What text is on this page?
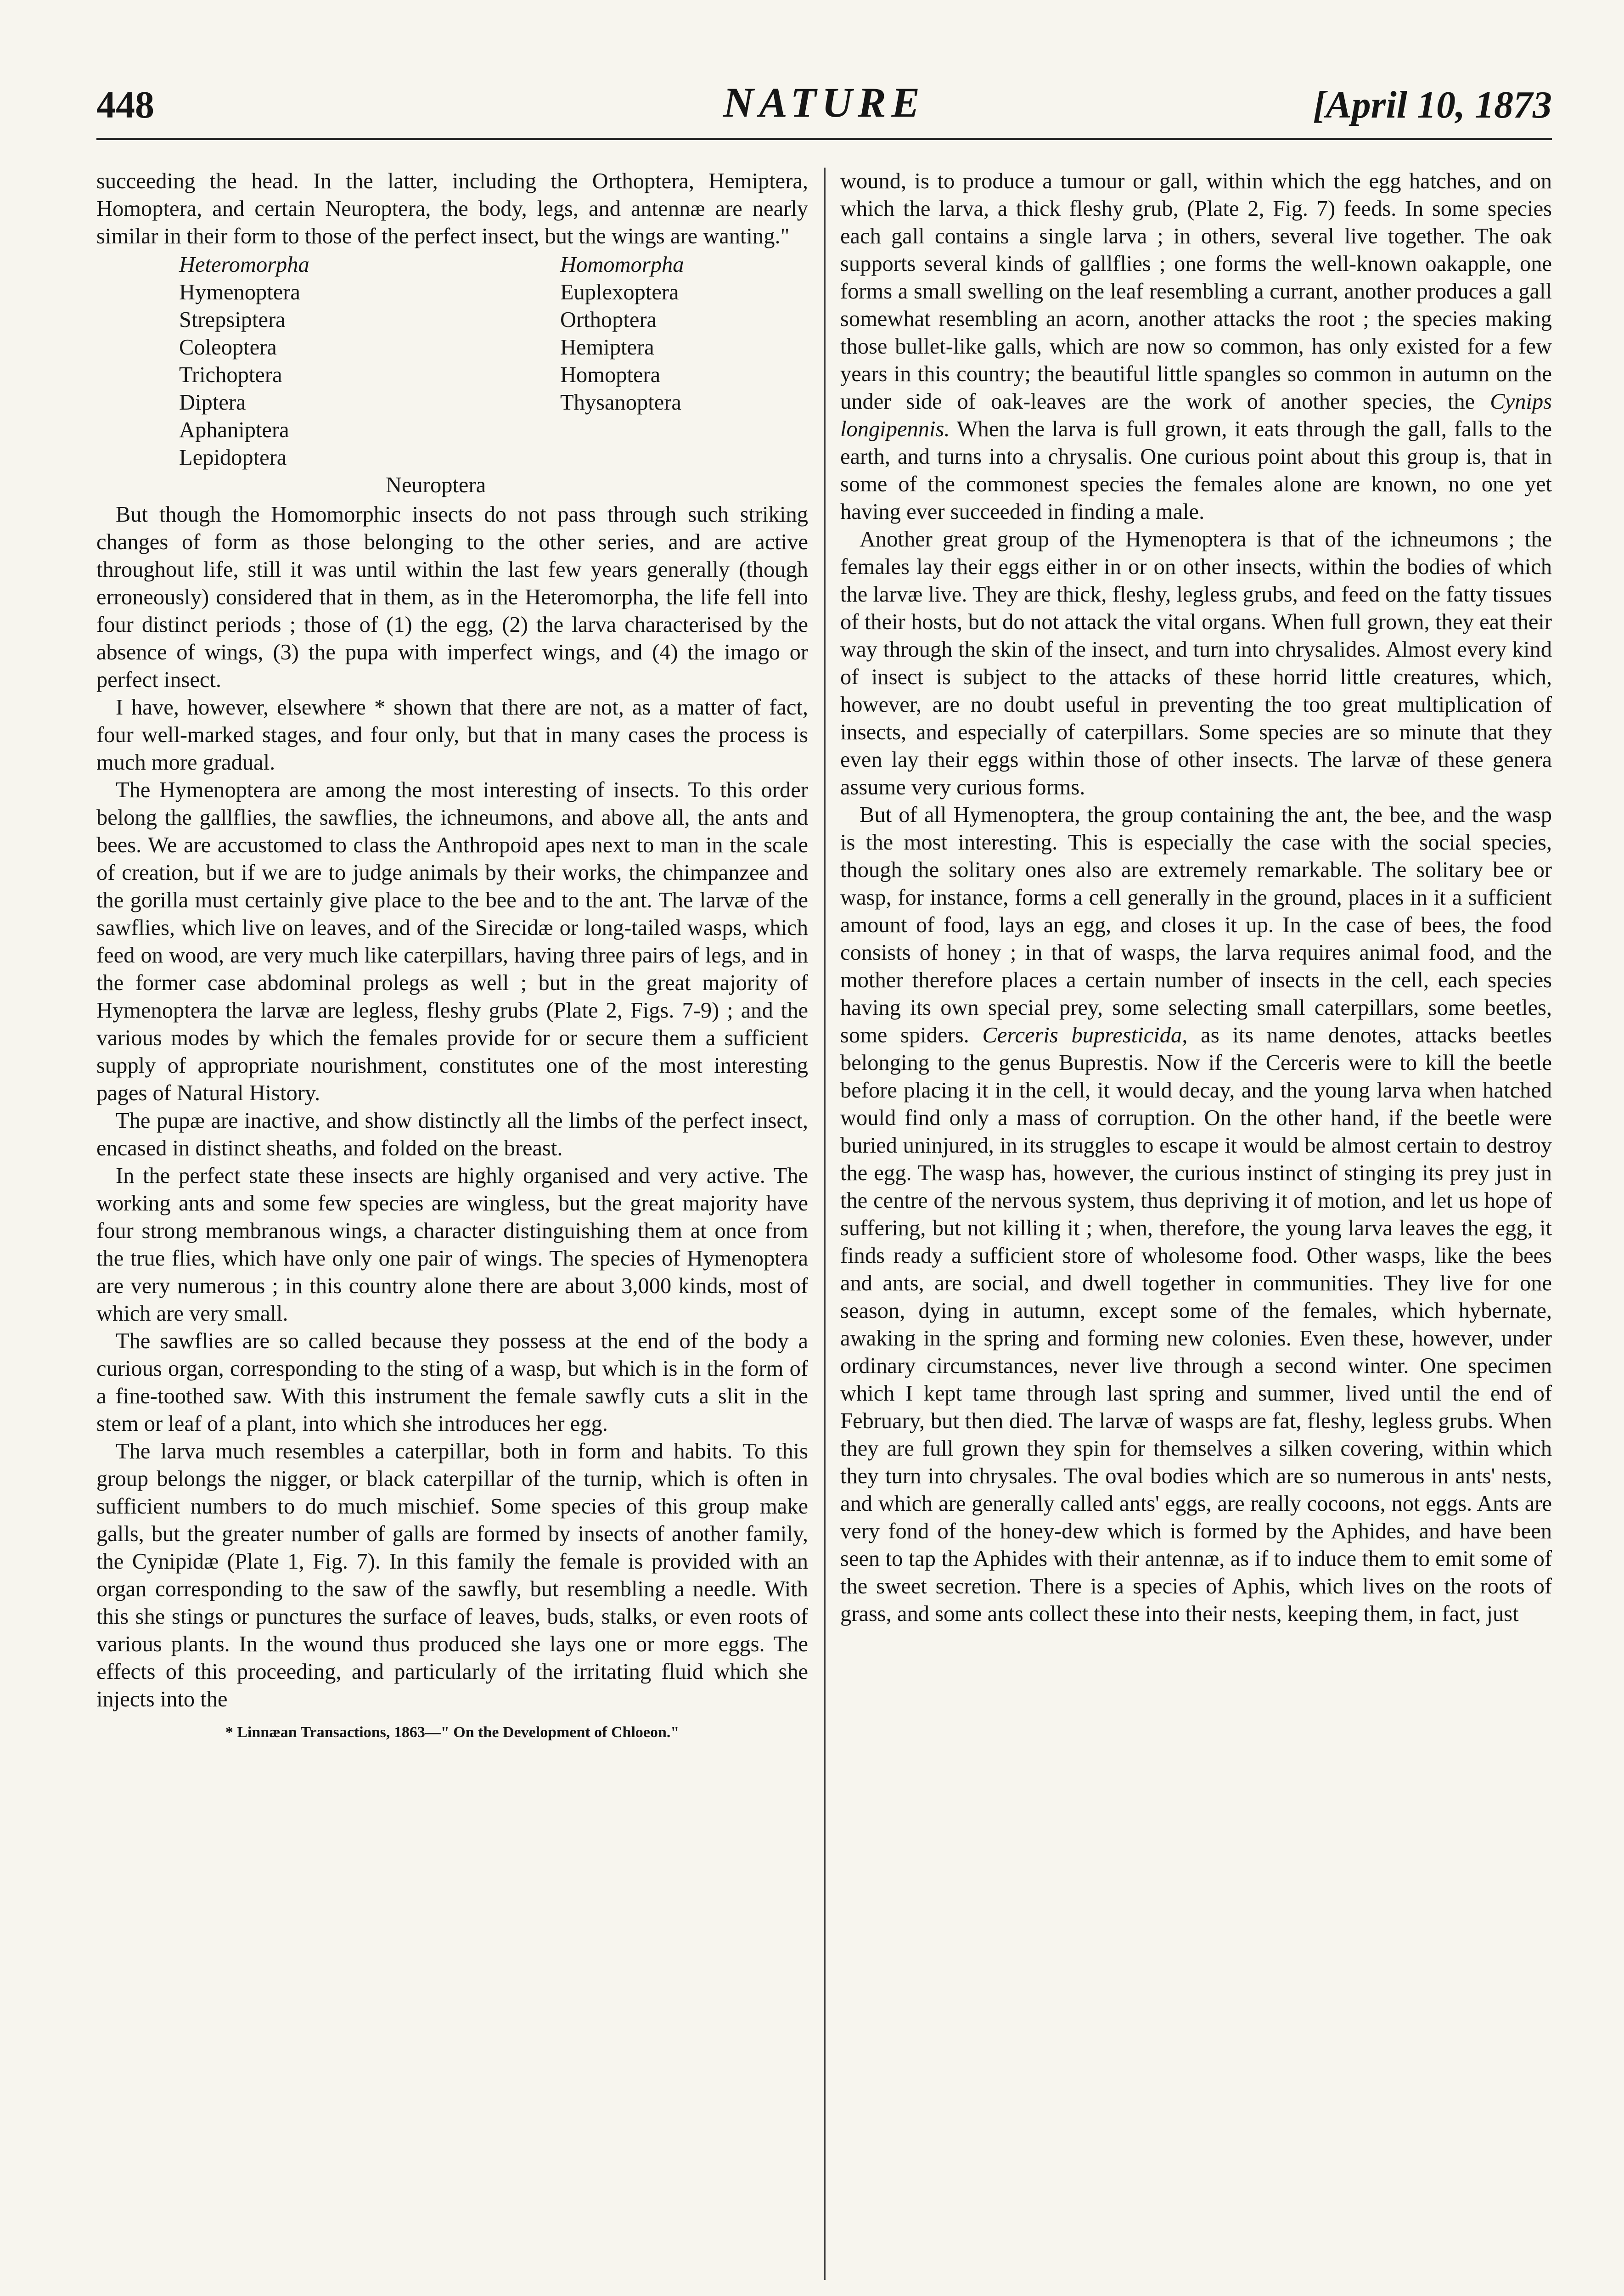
448	NATURE	[April 10, 1873

succeeding the head. In the latter, including the Orthoptera, Hemiptera, Homoptera, and certain Neuroptera, the body, legs, and antennæ are nearly similar in their form to those of the perfect insect, but the wings are wanting."

Heteromorpha
Hymenoptera
Strepsiptera
Coleoptera
Trichoptera
Diptera
Aphaniptera
Lepidoptera
Homomorpha
Euplexoptera
Orthoptera
Hemiptera
Homoptera
Thysanoptera
Neuroptera

But though the Homomorphic insects do not pass through such striking changes of form as those belonging to the other series, and are active throughout life, still it was until within the last few years generally (though erroneously) considered that in them, as in the Heteromorpha, the life fell into four distinct periods ; those of (1) the egg, (2) the larva characterised by the absence of wings, (3) the pupa with imperfect wings, and (4) the imago or perfect insect.

I have, however, elsewhere * shown that there are not, as a matter of fact, four well-marked stages, and four only, but that in many cases the process is much more gradual.

The Hymenoptera are among the most interesting of insects. To this order belong the gallflies, the sawflies, the ichneumons, and above all, the ants and bees. We are accustomed to class the Anthropoid apes next to man in the scale of creation, but if we are to judge animals by their works, the chimpanzee and the gorilla must certainly give place to the bee and to the ant. The larvæ of the sawflies, which live on leaves, and of the Sirecidæ or long-tailed wasps, which feed on wood, are very much like caterpillars, having three pairs of legs, and in the former case abdominal prolegs as well ; but in the great majority of Hymenoptera the larvæ are legless, fleshy grubs (Plate 2, Figs. 7-9) ; and the various modes by which the females provide for or secure them a sufficient supply of appropriate nourishment, constitutes one of the most interesting pages of Natural History.

The pupæ are inactive, and show distinctly all the limbs of the perfect insect, encased in distinct sheaths, and folded on the breast.

In the perfect state these insects are highly organised and very active. The working ants and some few species are wingless, but the great majority have four strong membranous wings, a character distinguishing them at once from the true flies, which have only one pair of wings. The species of Hymenoptera are very numerous ; in this country alone there are about 3,000 kinds, most of which are very small.

The sawflies are so called because they possess at the end of the body a curious organ, corresponding to the sting of a wasp, but which is in the form of a fine-toothed saw. With this instrument the female sawfly cuts a slit in the stem or leaf of a plant, into which she introduces her egg.

The larva much resembles a caterpillar, both in form and habits. To this group belongs the nigger, or black caterpillar of the turnip, which is often in sufficient numbers to do much mischief. Some species of this group make galls, but the greater number of galls are formed by insects of another family, the Cynipidæ (Plate 1, Fig. 7). In this family the female is provided with an organ corresponding to the saw of the sawfly, but resembling a needle. With this she stings or punctures the surface of leaves, buds, stalks, or even roots of various plants. In the wound thus produced she lays one or more eggs. The effects of this proceeding, and particularly of the irritating fluid which she injects into the

* Linnæan Transactions, 1863—" On the Development of Chloeon."

wound, is to produce a tumour or gall, within which the egg hatches, and on which the larva, a thick fleshy grub, (Plate 2, Fig. 7) feeds. In some species each gall contains a single larva ; in others, several live together. The oak supports several kinds of gallflies ; one forms the well-known oakapple, one forms a small swelling on the leaf resembling a currant, another produces a gall somewhat resembling an acorn, another attacks the root ; the species making those bullet-like galls, which are now so common, has only existed for a few years in this country; the beautiful little spangles so common in autumn on the under side of oak-leaves are the work of another species, the Cynips longipennis. When the larva is full grown, it eats through the gall, falls to the earth, and turns into a chrysalis. One curious point about this group is, that in some of the commonest species the females alone are known, no one yet having ever succeeded in finding a male.

Another great group of the Hymenoptera is that of the ichneumons ; the females lay their eggs either in or on other insects, within the bodies of which the larvæ live. They are thick, fleshy, legless grubs, and feed on the fatty tissues of their hosts, but do not attack the vital organs. When full grown, they eat their way through the skin of the insect, and turn into chrysalides. Almost every kind of insect is subject to the attacks of these horrid little creatures, which, however, are no doubt useful in preventing the too great multiplication of insects, and especially of caterpillars. Some species are so minute that they even lay their eggs within those of other insects. The larvæ of these genera assume very curious forms.

But of all Hymenoptera, the group containing the ant, the bee, and the wasp is the most interesting. This is especially the case with the social species, though the solitary ones also are extremely remarkable. The solitary bee or wasp, for instance, forms a cell generally in the ground, places in it a sufficient amount of food, lays an egg, and closes it up. In the case of bees, the food consists of honey ; in that of wasps, the larva requires animal food, and the mother therefore places a certain number of insects in the cell, each species having its own special prey, some selecting small caterpillars, some beetles, some spiders. Cerceris bupresticida, as its name denotes, attacks beetles belonging to the genus Buprestis. Now if the Cerceris were to kill the beetle before placing it in the cell, it would decay, and the young larva when hatched would find only a mass of corruption. On the other hand, if the beetle were buried uninjured, in its struggles to escape it would be almost certain to destroy the egg. The wasp has, however, the curious instinct of stinging its prey just in the centre of the nervous system, thus depriving it of motion, and let us hope of suffering, but not killing it ; when, therefore, the young larva leaves the egg, it finds ready a sufficient store of wholesome food. Other wasps, like the bees and ants, are social, and dwell together in communities. They live for one season, dying in autumn, except some of the females, which hybernate, awaking in the spring and forming new colonies. Even these, however, under ordinary circumstances, never live through a second winter. One specimen which I kept tame through last spring and summer, lived until the end of February, but then died. The larvæ of wasps are fat, fleshy, legless grubs. When they are full grown they spin for themselves a silken covering, within which they turn into chrysales. The oval bodies which are so numerous in ants' nests, and which are generally called ants' eggs, are really cocoons, not eggs. Ants are very fond of the honey-dew which is formed by the Aphides, and have been seen to tap the Aphides with their antennæ, as if to induce them to emit some of the sweet secretion. There is a species of Aphis, which lives on the roots of grass, and some ants collect these into their nests, keeping them, in fact, just
